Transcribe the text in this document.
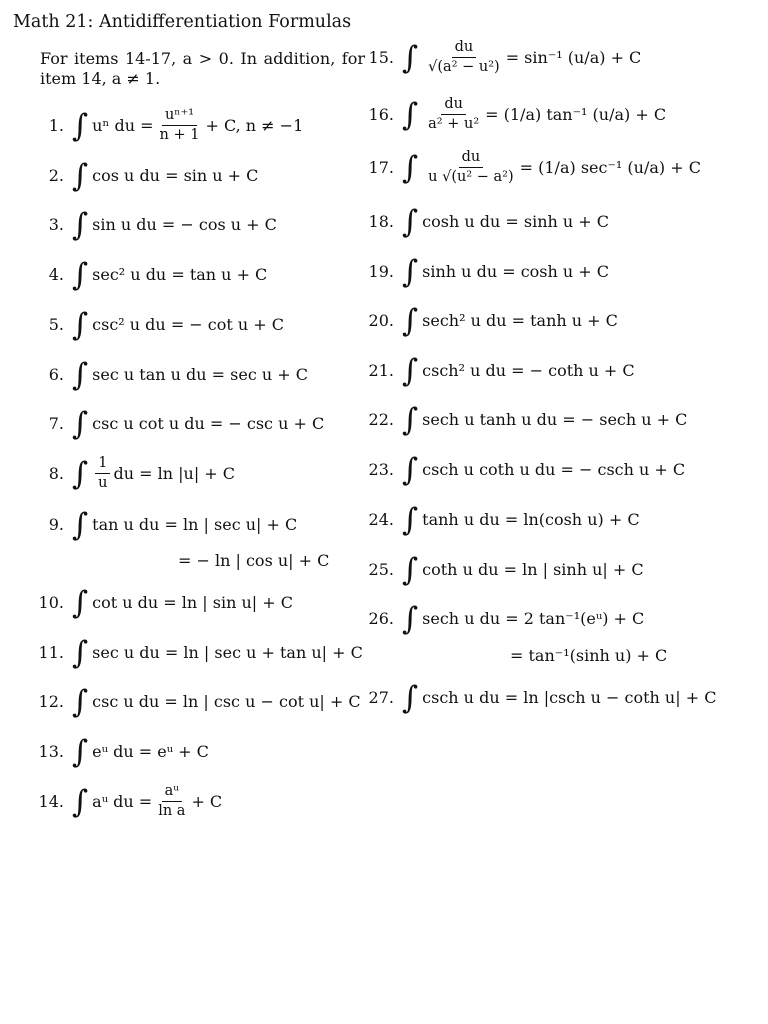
Math 21: Antidifferentiation Formulas
For items 14-17, a > 0. In addition, for
item 14, a ≠ 1.
1. ∫ uⁿ du = $\frac{\text{uⁿ⁺¹}}{n + 1} + C$, n ≠ −1
2. ∫ cos u du = sin u + C
3. ∫ sin u du = − cos u + C
4. ∫ sec² u du = tan u + C
5. ∫ csc² u du = − cot u + C
6. ∫ sec u tan u du = sec u + C
7. ∫ csc u cot u du = − csc u + C
8. ∫ $\frac{1}{u}$ du = ln |u| + C
9. ∫ tan u du = ln | sec u| + C
= − ln | cos u| + C
10. ∫ cot u du = ln | sin u| + C
11. ∫ sec u du = ln | sec u + tan u| + C
12. ∫ csc u du = ln | csc u − cot u| + C
13. ∫ eᵘ du = eᵘ + C
14. ∫ aᵘ du = $\frac{\text{aᵘ}}{\text{ln a}} + C$
15. ∫ $\frac{du}{\text{√(a² − u²)}} = \sin^{-1}$ (u/a) + C
16. ∫ $\frac{du}{\text{a² + u²}} = (1/a)$ tan⁻¹ (u/a) + C
17. ∫ $\frac{du}{\text{u √(u² − a²)}} = (1/a)$ sec⁻¹ (u/a) + C
18. ∫ cosh u du = sinh u + C
19. ∫ sinh u du = cosh u + C
20. ∫ sech² u du = tanh u + C
21. ∫ csch² u du = − coth u + C
22. ∫ sech u tanh u du = − sech u + C
23. ∫ csch u coth u du = − csch u + C
24. ∫ tanh u du = ln(cosh u) + C
25. ∫ coth u du = ln | sinh u| + C
26. ∫ sech u du = 2 tan⁻¹(eᵘ) + C
= tan⁻¹(sinh u) + C
27. ∫ csch u du = ln |csch u − coth u| + C
